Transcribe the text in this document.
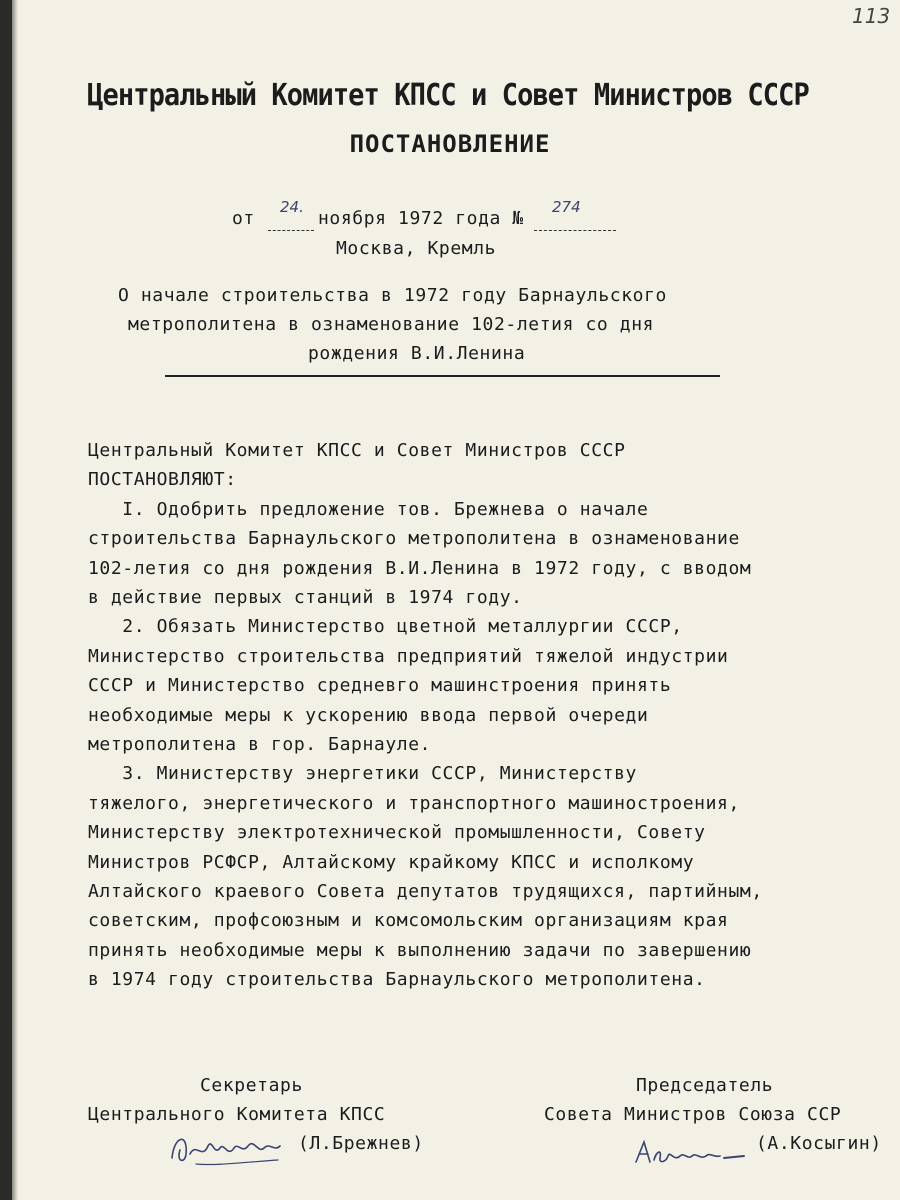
113
Центральный Комитет КПСС и Совет Министров СССР
ПОСТАНОВЛЕНИЕ
от
24.
ноября 1972 года №
274
Москва, Кремль
О начале строительства в 1972 году Барнаульского
метрополитена в ознаменование 102-летия со дня
рождения В.И.Ленина
Центральный Комитет КПСС и Совет Министров СССР
ПОСТАНОВЛЯЮТ:
I. Одобрить предложение тов. Брежнева о начале
строительства Барнаульского метрополитена в ознаменование
102-летия со дня рождения В.И.Ленина в 1972 году, с вводом
в действие первых станций в 1974 году.
2. Обязать Министерство цветной металлургии СССР,
Министерство строительства предприятий тяжелой индустрии
СССР и Министерство средневго машинстроения принять
необходимые меры к ускорению ввода первой очереди
метрополитена в гор. Барнауле.
3. Министерству энергетики СССР, Министерству
тяжелого, энергетического и транспортного машиностроения,
Министерству электротехнической промышленности, Совету
Министров РСФСР, Алтайскому крайкому КПСС и исполкому
Алтайского краевого Совета депутатов трудящихся, партийным,
советским, профсоюзным и комсомольским организациям края
принять необходимые меры к выполнению задачи по завершению
в 1974 году строительства Барнаульского метрополитена.
Секретарь
Центрального Комитета КПСС
(Л.Брежнев)
Председатель
Совета Министров Союза ССР
(А.Косыгин)
